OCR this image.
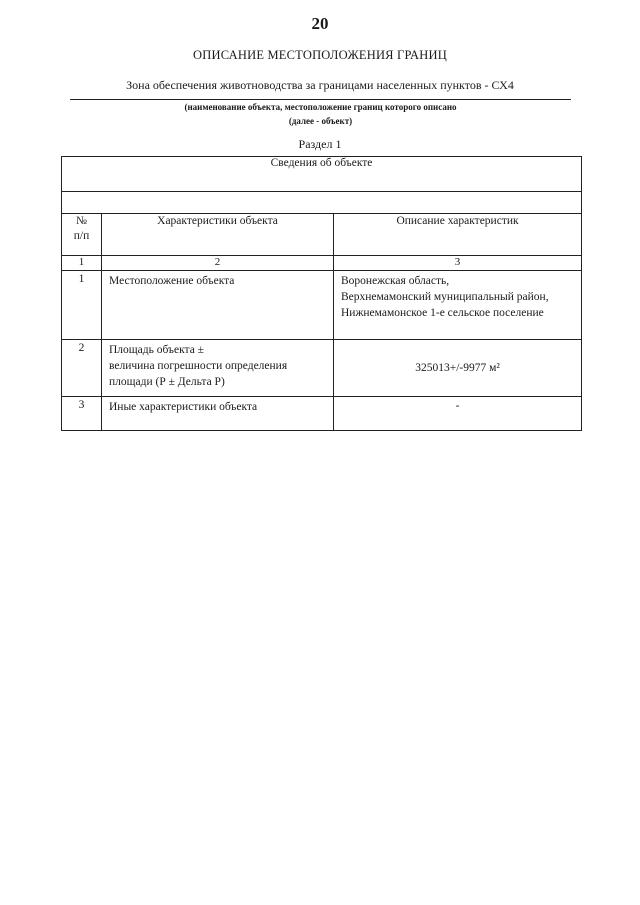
20
ОПИСАНИЕ МЕСТОПОЛОЖЕНИЯ ГРАНИЦ
Зона обеспечения животноводства за границами населенных пунктов - СХ4
(наименование объекта, местоположение границ которого описано
(далее - объект)
Раздел 1
Сведения об объекте		

№
п/п	Характеристики объекта	Описание характеристик
1	2	3
1	Местоположение объекта	Воронежская область,
Верхнемамонский муниципальный район,
Нижнемамонское 1-е сельское поселение

2	Площадь объекта ±
величина погрешности определения
площади (Р ± Дельта Р)	325013+/-9977 м²
3	Иные характеристики объекта	-
